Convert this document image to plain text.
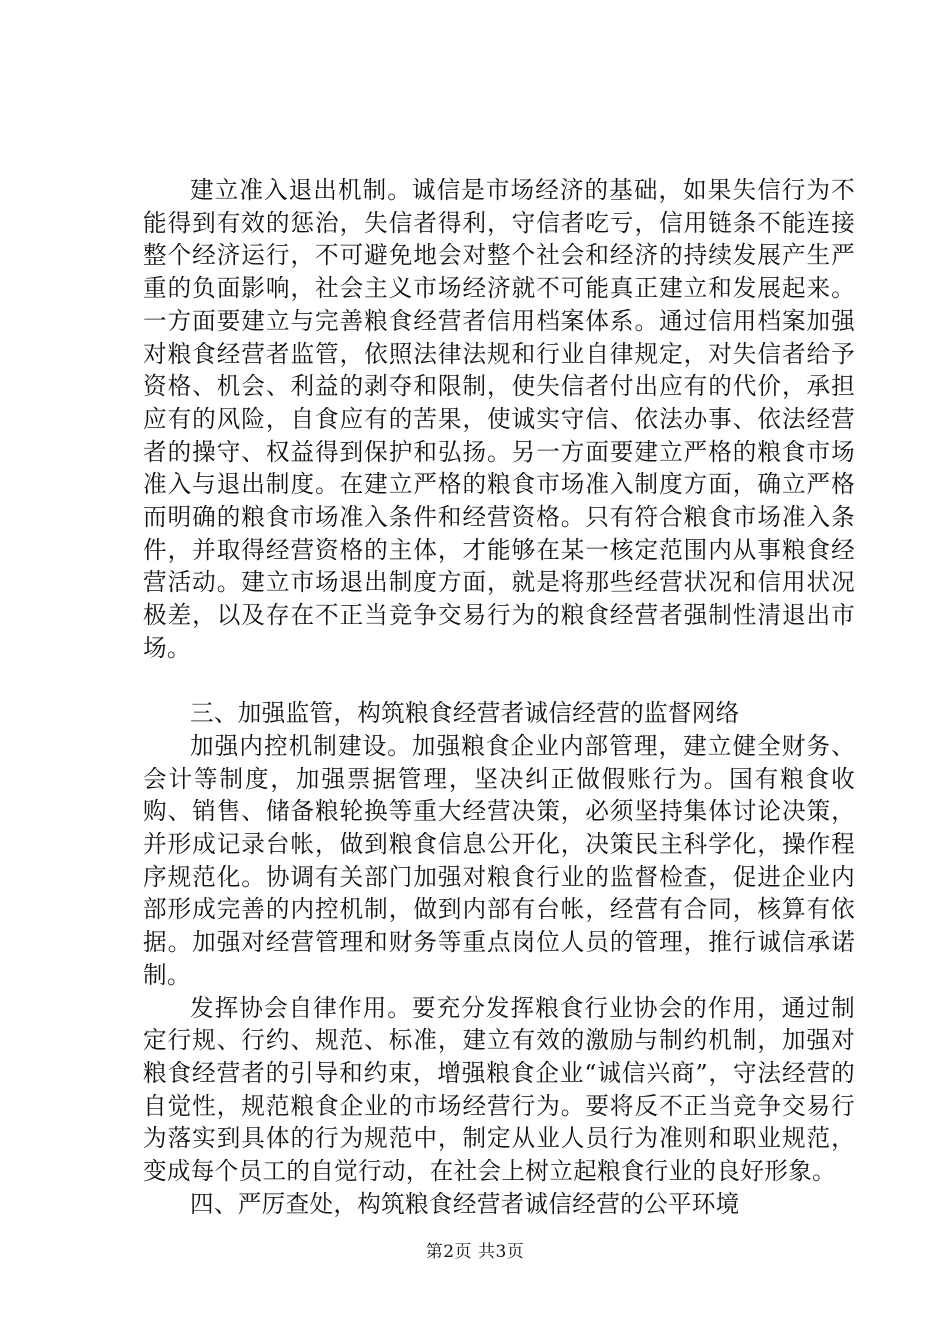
建立准入退出机制。诚信是市场经济的基础，如果失信行为不能得到有效的惩治，失信者得利，守信者吃亏，信用链条不能连接整个经济运行，不可避免地会对整个社会和经济的持续发展产生严重的负面影响，社会主义市场经济就不可能真正建立和发展起来。一方面要建立与完善粮食经营者信用档案体系。通过信用档案加强对粮食经营者监管，依照法律法规和行业自律规定，对失信者给予资格、机会、利益的剥夺和限制，使失信者付出应有的代价，承担应有的风险，自食应有的苦果，使诚实守信、依法办事、依法经营者的操守、权益得到保护和弘扬。另一方面要建立严格的粮食市场准入与退出制度。在建立严格的粮食市场准入制度方面，确立严格而明确的粮食市场准入条件和经营资格。只有符合粮食市场准入条件，并取得经营资格的主体，才能够在某一核定范围内从事粮食经营活动。建立市场退出制度方面，就是将那些经营状况和信用状况极差，以及存在不正当竞争交易行为的粮食经营者强制性清退出市场。

三、加强监管，构筑粮食经营者诚信经营的监督网络

加强内控机制建设。加强粮食企业内部管理，建立健全财务、会计等制度，加强票据管理，坚决纠正做假账行为。国有粮食收购、销售、储备粮轮换等重大经营决策，必须坚持集体讨论决策，并形成记录台帐，做到粮食信息公开化，决策民主科学化，操作程序规范化。协调有关部门加强对粮食行业的监督检查，促进企业内部形成完善的内控机制，做到内部有台帐，经营有合同，核算有依据。加强对经营管理和财务等重点岗位人员的管理，推行诚信承诺制。

发挥协会自律作用。要充分发挥粮食行业协会的作用，通过制定行规、行约、规范、标准，建立有效的激励与制约机制，加强对粮食经营者的引导和约束，增强粮食企业“诚信兴商”，守法经营的自觉性，规范粮食企业的市场经营行为。要将反不正当竞争交易行为落实到具体的行为规范中，制定从业人员行为准则和职业规范，变成每个员工的自觉行动，在社会上树立起粮食行业的良好形象。

四、严厉查处，构筑粮食经营者诚信经营的公平环境

第2页 共3页
